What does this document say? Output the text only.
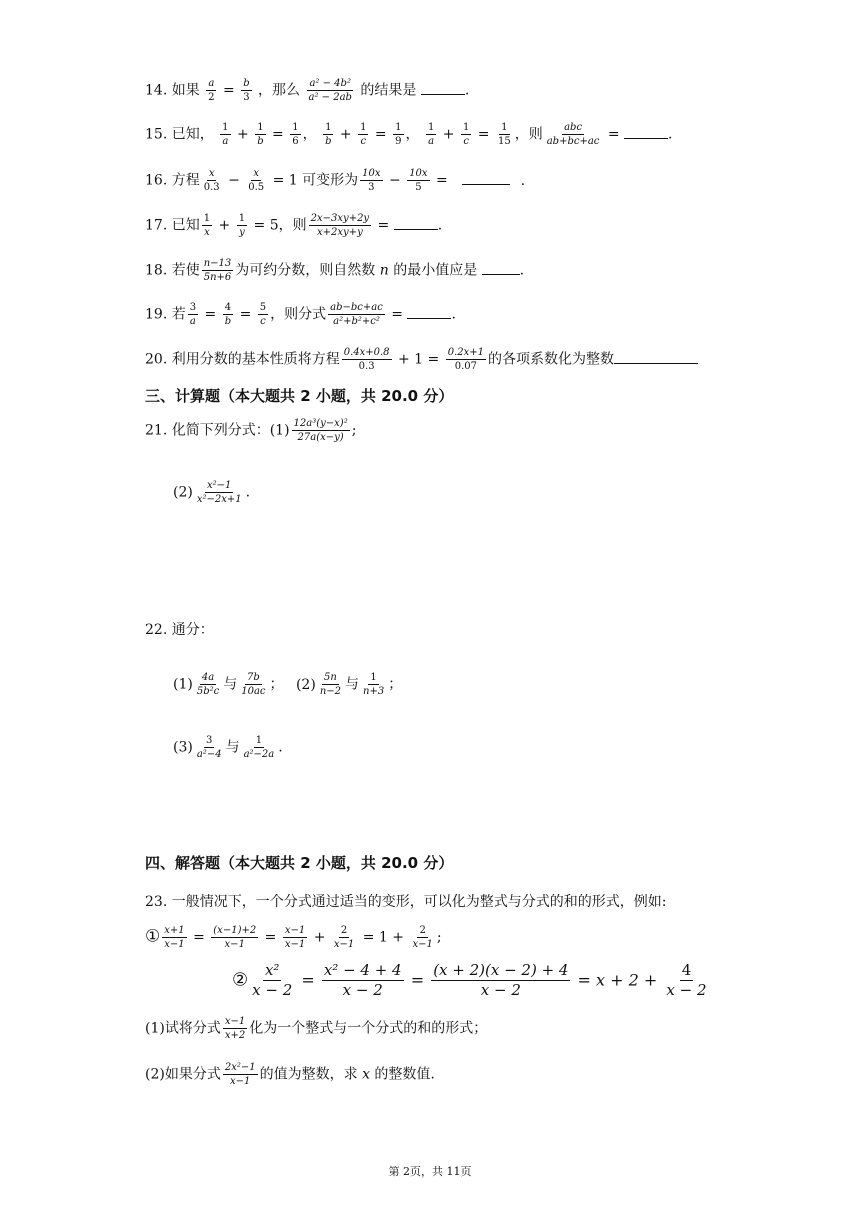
14. 如果 $\frac{a}{2} = \frac{b}{3}$ ，那么 $\frac{\text{a² − 4b²}}{\text{a² − 2ab}}$ 的结果是	.
15. 已知， $\frac{1}{a} + \frac{1}{b} = \frac{1}{6}$ ， $\frac{1}{b} + \frac{1}{c} = \frac{1}{9}$ ， $\frac{1}{a} + \frac{1}{c} = \frac{1}{15}$ ，则 $\frac{\text{abc}}{ab+bc+ac}$ =	.
16. 方程 $\frac{x}{0.3} - \frac{x}{0.5} = 1$ 可变形为 $\frac{10x}{3} - \frac{10x}{5}$ =	.
17. 已知 $\frac{1}{x} + \frac{1}{y} = 5$，则 $\frac{2x-3xy+2y}{x+2xy+y}$ =	.
18. 若使 $\frac{n-13}{5n+6}$ 为可约分数，则自然数 n 的最小值应是	.
19. 若 $\frac{3}{a} = \frac{4}{b} = \frac{5}{c}$ ，则分式 $\frac{ab-bc+ac}{\text{a²+b²+c²}}$ =	.
20. 利用分数的基本性质将方程 $\frac{0.4x+0.8}{0.3} + 1 = \frac{0.2x+1}{0.07}$ 的各项系数化为整数
三、计算题（本大题共 2 小题，共 20.0 分）
21. 化简下列分式：$(1) \frac{\text{12a³(y−x)²}}{27a(x-y)}$ ;
$(2) \frac{\text{x²−1}}{\text{x²−2x+1}}$ .
22. 通分：
$(1) \frac{4a}{\text{5b²c}}$ 与 $\frac{7b}{10ac}$ ； $(2) \frac{5n}{n-2}$ 与 $\frac{1}{n+3}$ ；
$(3) \frac{3}{\text{a²−4}}$ 与 $\frac{1}{\text{a²−2a}}$ .
四、解答题（本大题共 2 小题，共 20.0 分）
23. 一般情况下，一个分式通过适当的变形，可以化为整式与分式的和的形式，例如:
① $\frac{x+1}{x-1} = \frac{(x-1)+2}{x-1} = \frac{x-1}{x-1} + \frac{2}{x-1} = 1 + \frac{2}{x-1}$ ;
② $\frac{\text{x²}}{x - 2} = \frac{\text{x² − 4 + 4}}{x - 2} = \frac{(x + 2)(x - 2) + 4}{x - 2} = x + 2 + \frac{4}{x - 2}$
(1)试将分式 $\frac{x-1}{x+2}$ 化为一个整式与一个分式的和的形式；
(2)如果分式 $\frac{\text{2x²−1}}{x-1}$ 的值为整数，求 x 的整数值.
第 2页，共 11页
